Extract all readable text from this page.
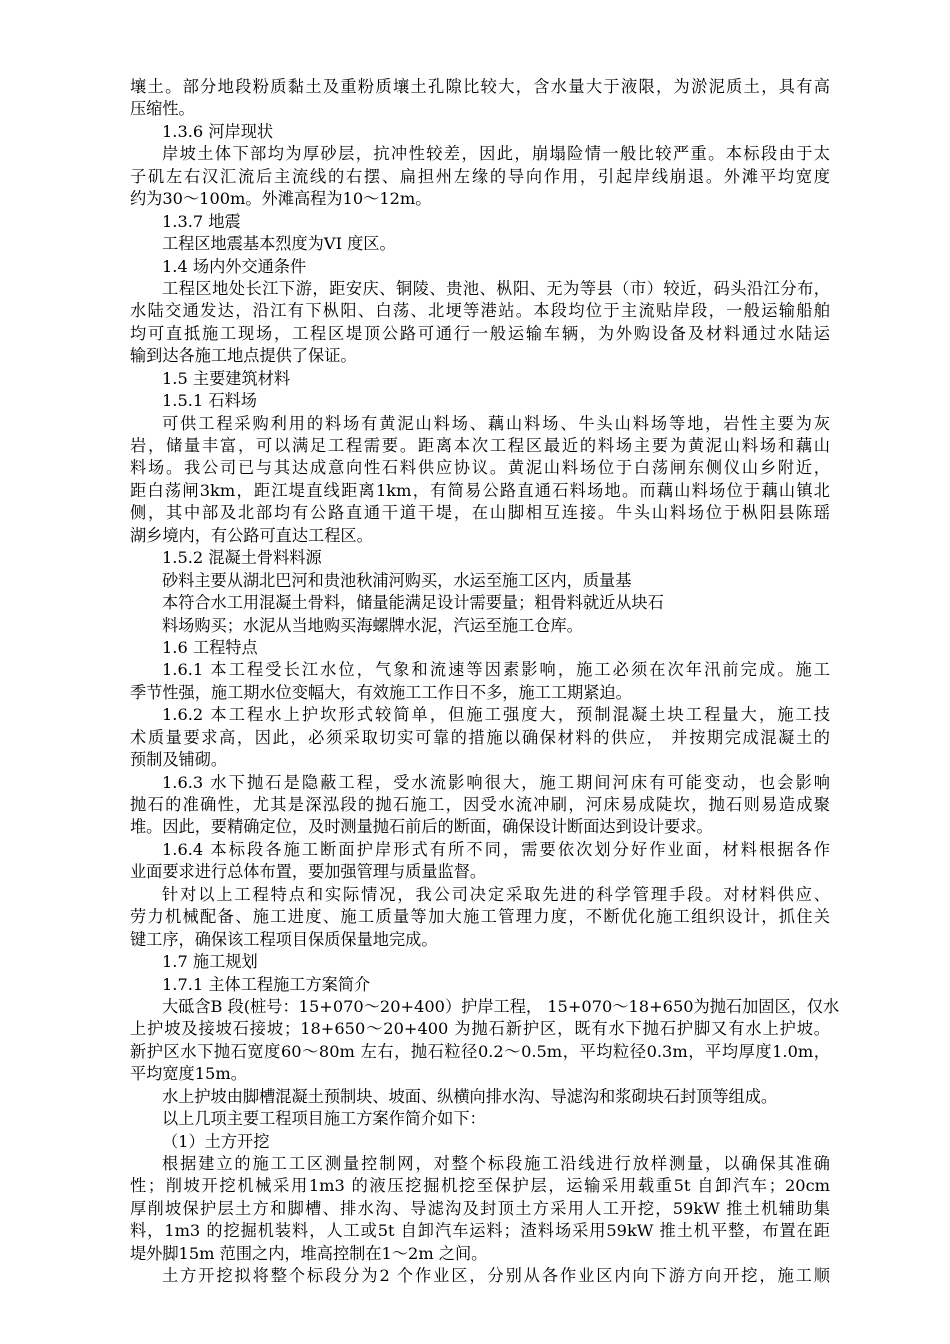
壤土。部分地段粉质黏土及重粉质壤土孔隙比较大，含水量大于液限，为淤泥质土，具有高
压缩性。
1.3.6 河岸现状
岸坡土体下部均为厚砂层，抗冲性较差，因此，崩塌险情一般比较严重。本标段由于太
子矶左右汉汇流后主流线的右摆、扁担州左缘的导向作用，引起岸线崩退。外滩平均宽度
约为30～100m。外滩高程为10～12m。
1.3.7 地震
工程区地震基本烈度为VI 度区。
1.4 场内外交通条件
工程区地处长江下游，距安庆、铜陵、贵池、枞阳、无为等县（市）较近，码头沿江分布，
水陆交通发达，沿江有下枞阳、白荡、北埂等港站。本段均位于主流贴岸段，一般运输船舶
均可直抵施工现场，工程区堤顶公路可通行一般运输车辆，为外购设备及材料通过水陆运
输到达各施工地点提供了保证。
1.5 主要建筑材料
1.5.1 石料场
可供工程采购利用的料场有黄泥山料场、藕山料场、牛头山料场等地，岩性主要为灰
岩，储量丰富，可以满足工程需要。距离本次工程区最近的料场主要为黄泥山料场和藕山
料场。我公司已与其达成意向性石料供应协议。黄泥山料场位于白荡闸东侧仪山乡附近，
距白荡闸3km，距江堤直线距离1km，有简易公路直通石料场地。而藕山料场位于藕山镇北
侧，其中部及北部均有公路直通干道干堤，在山脚相互连接。牛头山料场位于枞阳县陈瑶
湖乡境内，有公路可直达工程区。
1.5.2 混凝土骨料料源
砂料主要从湖北巴河和贵池秋浦河购买，水运至施工区内，质量基
本符合水工用混凝土骨料，储量能满足设计需要量；粗骨料就近从块石
料场购买；水泥从当地购买海螺牌水泥，汽运至施工仓库。
1.6 工程特点
1.6.1 本工程受长江水位，气象和流速等因素影响，施工必须在次年汛前完成。施工
季节性强，施工期水位变幅大，有效施工工作日不多，施工工期紧迫。
1.6.2 本工程水上护坎形式较简单，但施工强度大，预制混凝土块工程量大，施工技
术质量要求高，因此，必须采取切实可靠的措施以确保材料的供应， 并按期完成混凝土的
预制及铺砌。
1.6.3 水下抛石是隐蔽工程，受水流影响很大，施工期间河床有可能变动，也会影响
抛石的准确性，尤其是深泓段的抛石施工，因受水流冲刷，河床易成陡坎，抛石则易造成聚
堆。因此，要精确定位，及时测量抛石前后的断面，确保设计断面达到设计要求。
1.6.4 本标段各施工断面护岸形式有所不同，需要依次划分好作业面，材料根据各作
业面要求进行总体布置，要加强管理与质量监督。
针对以上工程特点和实际情况，我公司决定采取先进的科学管理手段。对材料供应、
劳力机械配备、施工进度、施工质量等加大施工管理力度，不断优化施工组织设计，抓住关
键工序，确保该工程项目保质保量地完成。
1.7 施工规划
1.7.1 主体工程施工方案简介
大砥含B 段(桩号：15+070～20+400）护岸工程， 15+070～18+650为抛石加固区，仅水
上护坡及接坡石接坡；18+650～20+400 为抛石新护区，既有水下抛石护脚又有水上护坡。
新护区水下抛石宽度60～80m 左右，抛石粒径0.2～0.5m，平均粒径0.3m，平均厚度1.0m，
平均宽度15m。
水上护坡由脚槽混凝土预制块、坡面、纵横向排水沟、导滤沟和浆砌块石封顶等组成。
以上几项主要工程项目施工方案作简介如下：
（1）土方开挖
根据建立的施工工区测量控制网，对整个标段施工沿线进行放样测量，以确保其准确
性；削坡开挖机械采用1m3 的液压挖掘机挖至保护层，运输采用载重5t 自卸汽车；20cm
厚削坡保护层土方和脚槽、排水沟、导滤沟及封顶土方采用人工开挖，59kW 推土机辅助集
料，1m3 的挖掘机装料，人工或5t 自卸汽车运料；渣料场采用59kW 推土机平整，布置在距
堤外脚15m 范围之内，堆高控制在1～2m 之间。
土方开挖拟将整个标段分为2 个作业区，分别从各作业区内向下游方向开挖，施工顺
